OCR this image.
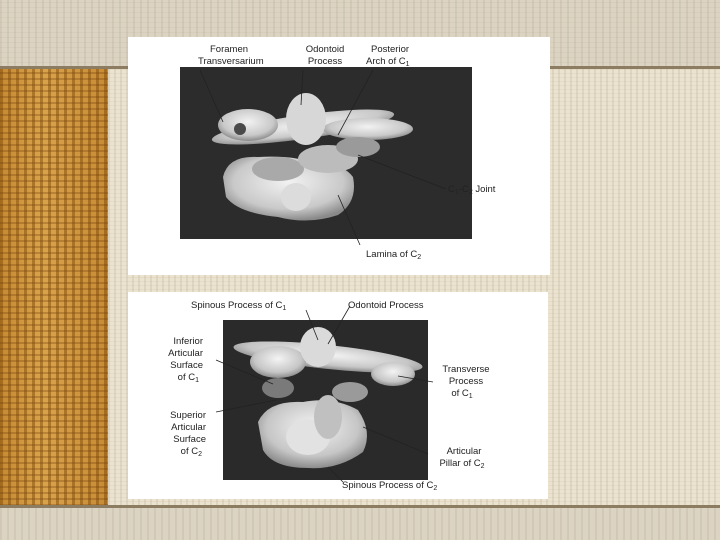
Foramen
Transversarium
Odontoid
Process
Posterior
Arch of $C_1$
$C_1-C_2$ Joint
Lamina of $C_2$
Spinous Process of $C_1$	Odontoid Process
Inferior
Articular
Surface
of $C_1$
Superior
Articular
Surface
of $C_2$
Transverse
Process
of $C_1$
Articular
Pillar of $C_2$
Spinous Process of $C_2$
